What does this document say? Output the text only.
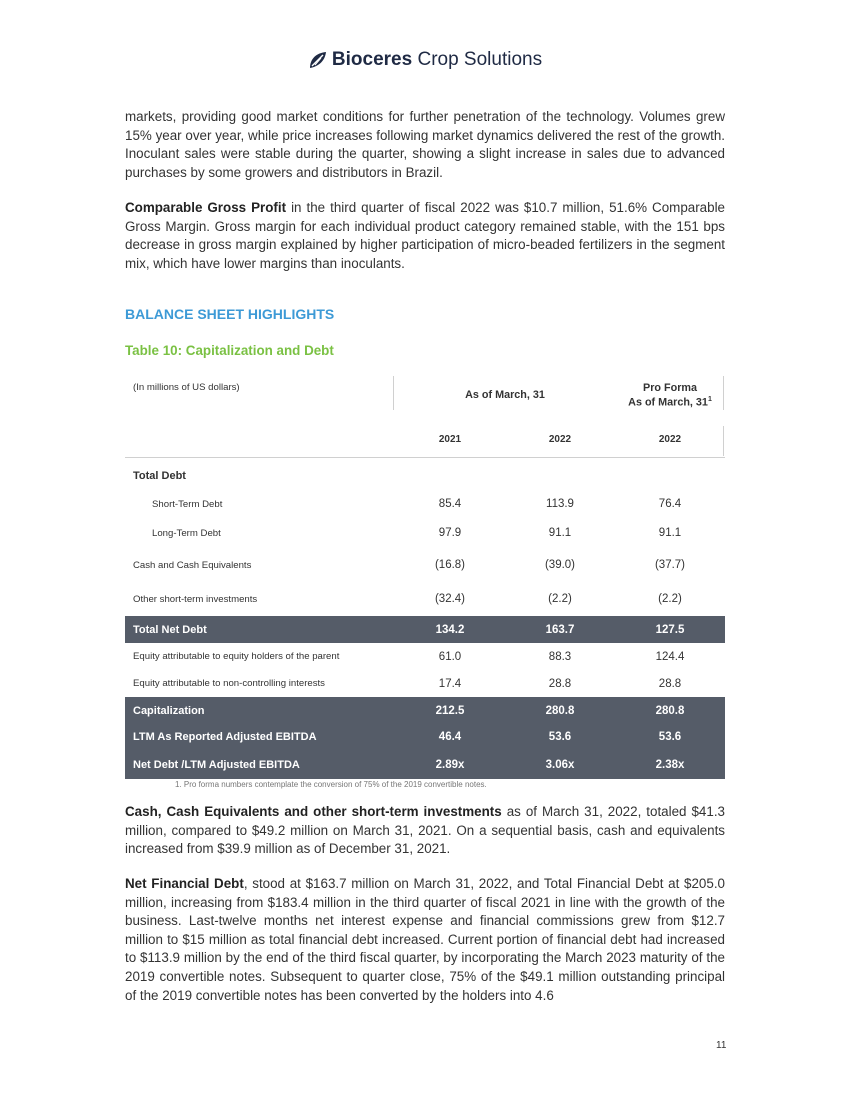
Bioceres Crop Solutions

markets, providing good market conditions for further penetration of the technology. Volumes grew 15% year over year, while price increases following market dynamics delivered the rest of the growth. Inoculant sales were stable during the quarter, showing a slight increase in sales due to advanced purchases by some growers and distributors in Brazil.

Comparable Gross Profit in the third quarter of fiscal 2022 was $10.7 million, 51.6% Comparable Gross Margin. Gross margin for each individual product category remained stable, with the 151 bps decrease in gross margin explained by higher participation of micro-beaded fertilizers in the segment mix, which have lower margins than inoculants.

BALANCE SHEET HIGHLIGHTS
Table 10: Capitalization and Debt
(In millions of US dollars)
As of March, 31
Pro Forma
As of March, $31^1$
2021	2022	2022
Total Debt
Short-Term Debt	85.4	113.9	76.4
Long-Term Debt	97.9	91.1	91.1
Cash and Cash Equivalents	(16.8)	(39.0)	(37.7)
Other short-term investments	(32.4)	(2.2)	(2.2)
Total Net Debt	134.2	163.7	127.5
Equity attributable to equity holders of the parent	61.0	88.3	124.4
Equity attributable to non-controlling interests	17.4	28.8	28.8
Capitalization	212.5	280.8	280.8
LTM As Reported Adjusted EBITDA	46.4	53.6	53.6
Net Debt /LTM Adjusted EBITDA	2.89x	3.06x	2.38x
1. Pro forma numbers contemplate the conversion of 75% of the 2019 convertible notes.

Cash, Cash Equivalents and other short-term investments as of March 31, 2022, totaled $41.3 million, compared to $49.2 million on March 31, 2021. On a sequential basis, cash and equivalents increased from $39.9 million as of December 31, 2021.

Net Financial Debt, stood at $163.7 million on March 31, 2022, and Total Financial Debt at $205.0 million, increasing from $183.4 million in the third quarter of fiscal 2021 in line with the growth of the business. Last-twelve months net interest expense and financial commissions grew from $12.7 million to $15 million as total financial debt increased. Current portion of financial debt had increased to $113.9 million by the end of the third fiscal quarter, by incorporating the March 2023 maturity of the 2019 convertible notes. Subsequent to quarter close, 75% of the $49.1 million outstanding principal of the 2019 convertible notes has been converted by the holders into 4.6

11
